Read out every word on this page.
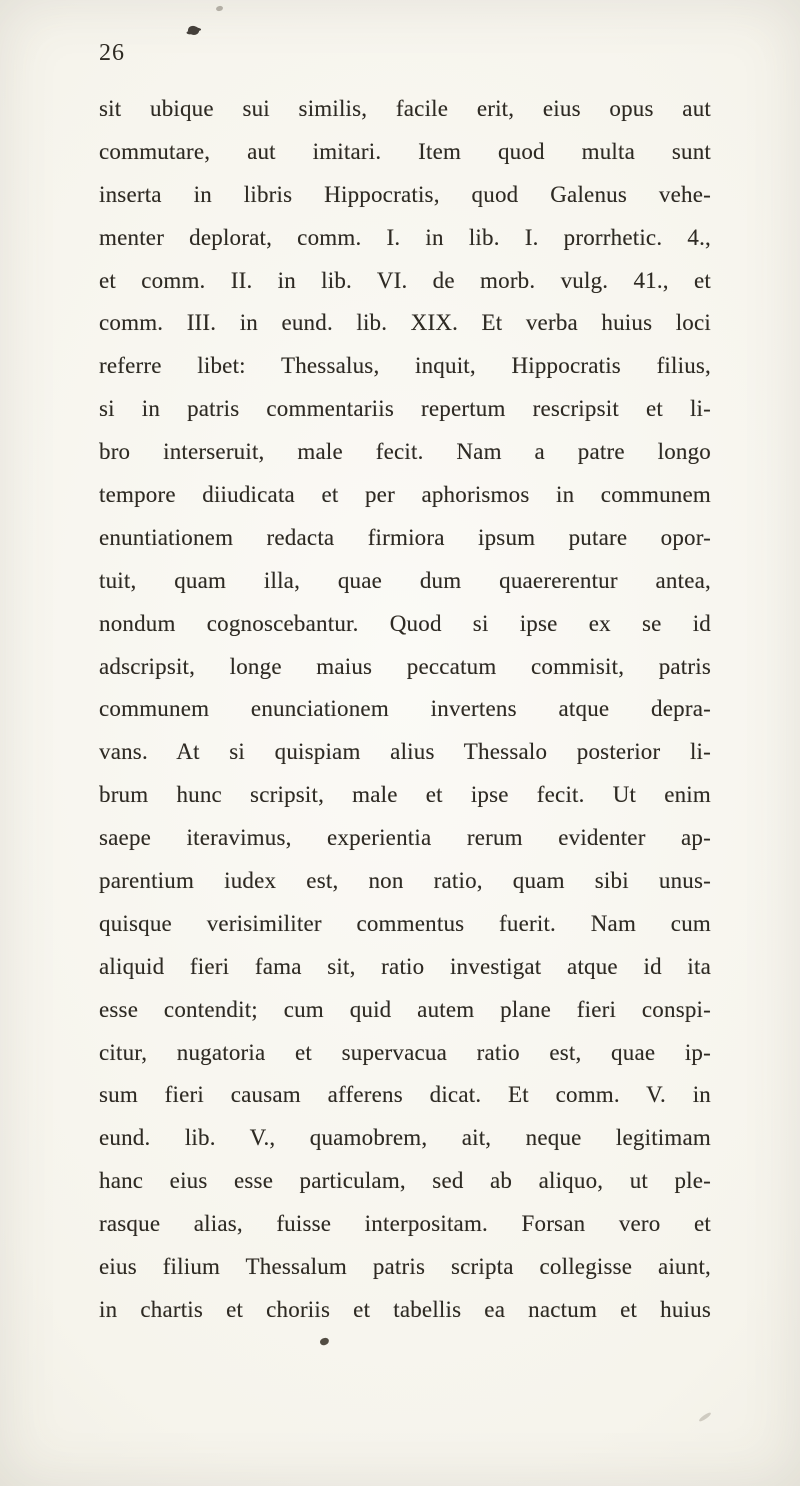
26
sit ubique sui similis, facile erit, eius opus aut
commutare, aut imitari. Item quod multa sunt
inserta in libris Hippocratis, quod Galenus vehe-
menter deplorat, comm. I. in lib. I. prorrhetic. 4.,
et comm. II. in lib. VI. de morb. vulg. 41., et
comm. III. in eund. lib. XIX. Et verba huius loci
referre libet: Thessalus, inquit, Hippocratis filius,
si in patris commentariis repertum rescripsit et li-
bro interseruit, male fecit. Nam a patre longo
tempore diiudicata et per aphorismos in communem
enuntiationem redacta firmiora ipsum putare opor-
tuit, quam illa, quae dum quaererentur antea,
nondum cognoscebantur. Quod si ipse ex se id
adscripsit, longe maius peccatum commisit, patris
communem enunciationem invertens atque depra-
vans. At si quispiam alius Thessalo posterior li-
brum hunc scripsit, male et ipse fecit. Ut enim
saepe iteravimus, experientia rerum evidenter ap-
parentium iudex est, non ratio, quam sibi unus-
quisque verisimiliter commentus fuerit. Nam cum
aliquid fieri fama sit, ratio investigat atque id ita
esse contendit; cum quid autem plane fieri conspi-
citur, nugatoria et supervacua ratio est, quae ip-
sum fieri causam afferens dicat. Et comm. V. in
eund. lib. V., quamobrem, ait, neque legitimam
hanc eius esse particulam, sed ab aliquo, ut ple-
rasque alias, fuisse interpositam. Forsan vero et
eius filium Thessalum patris scripta collegisse aiunt,
in chartis et choriis et tabellis ea nactum et huius
